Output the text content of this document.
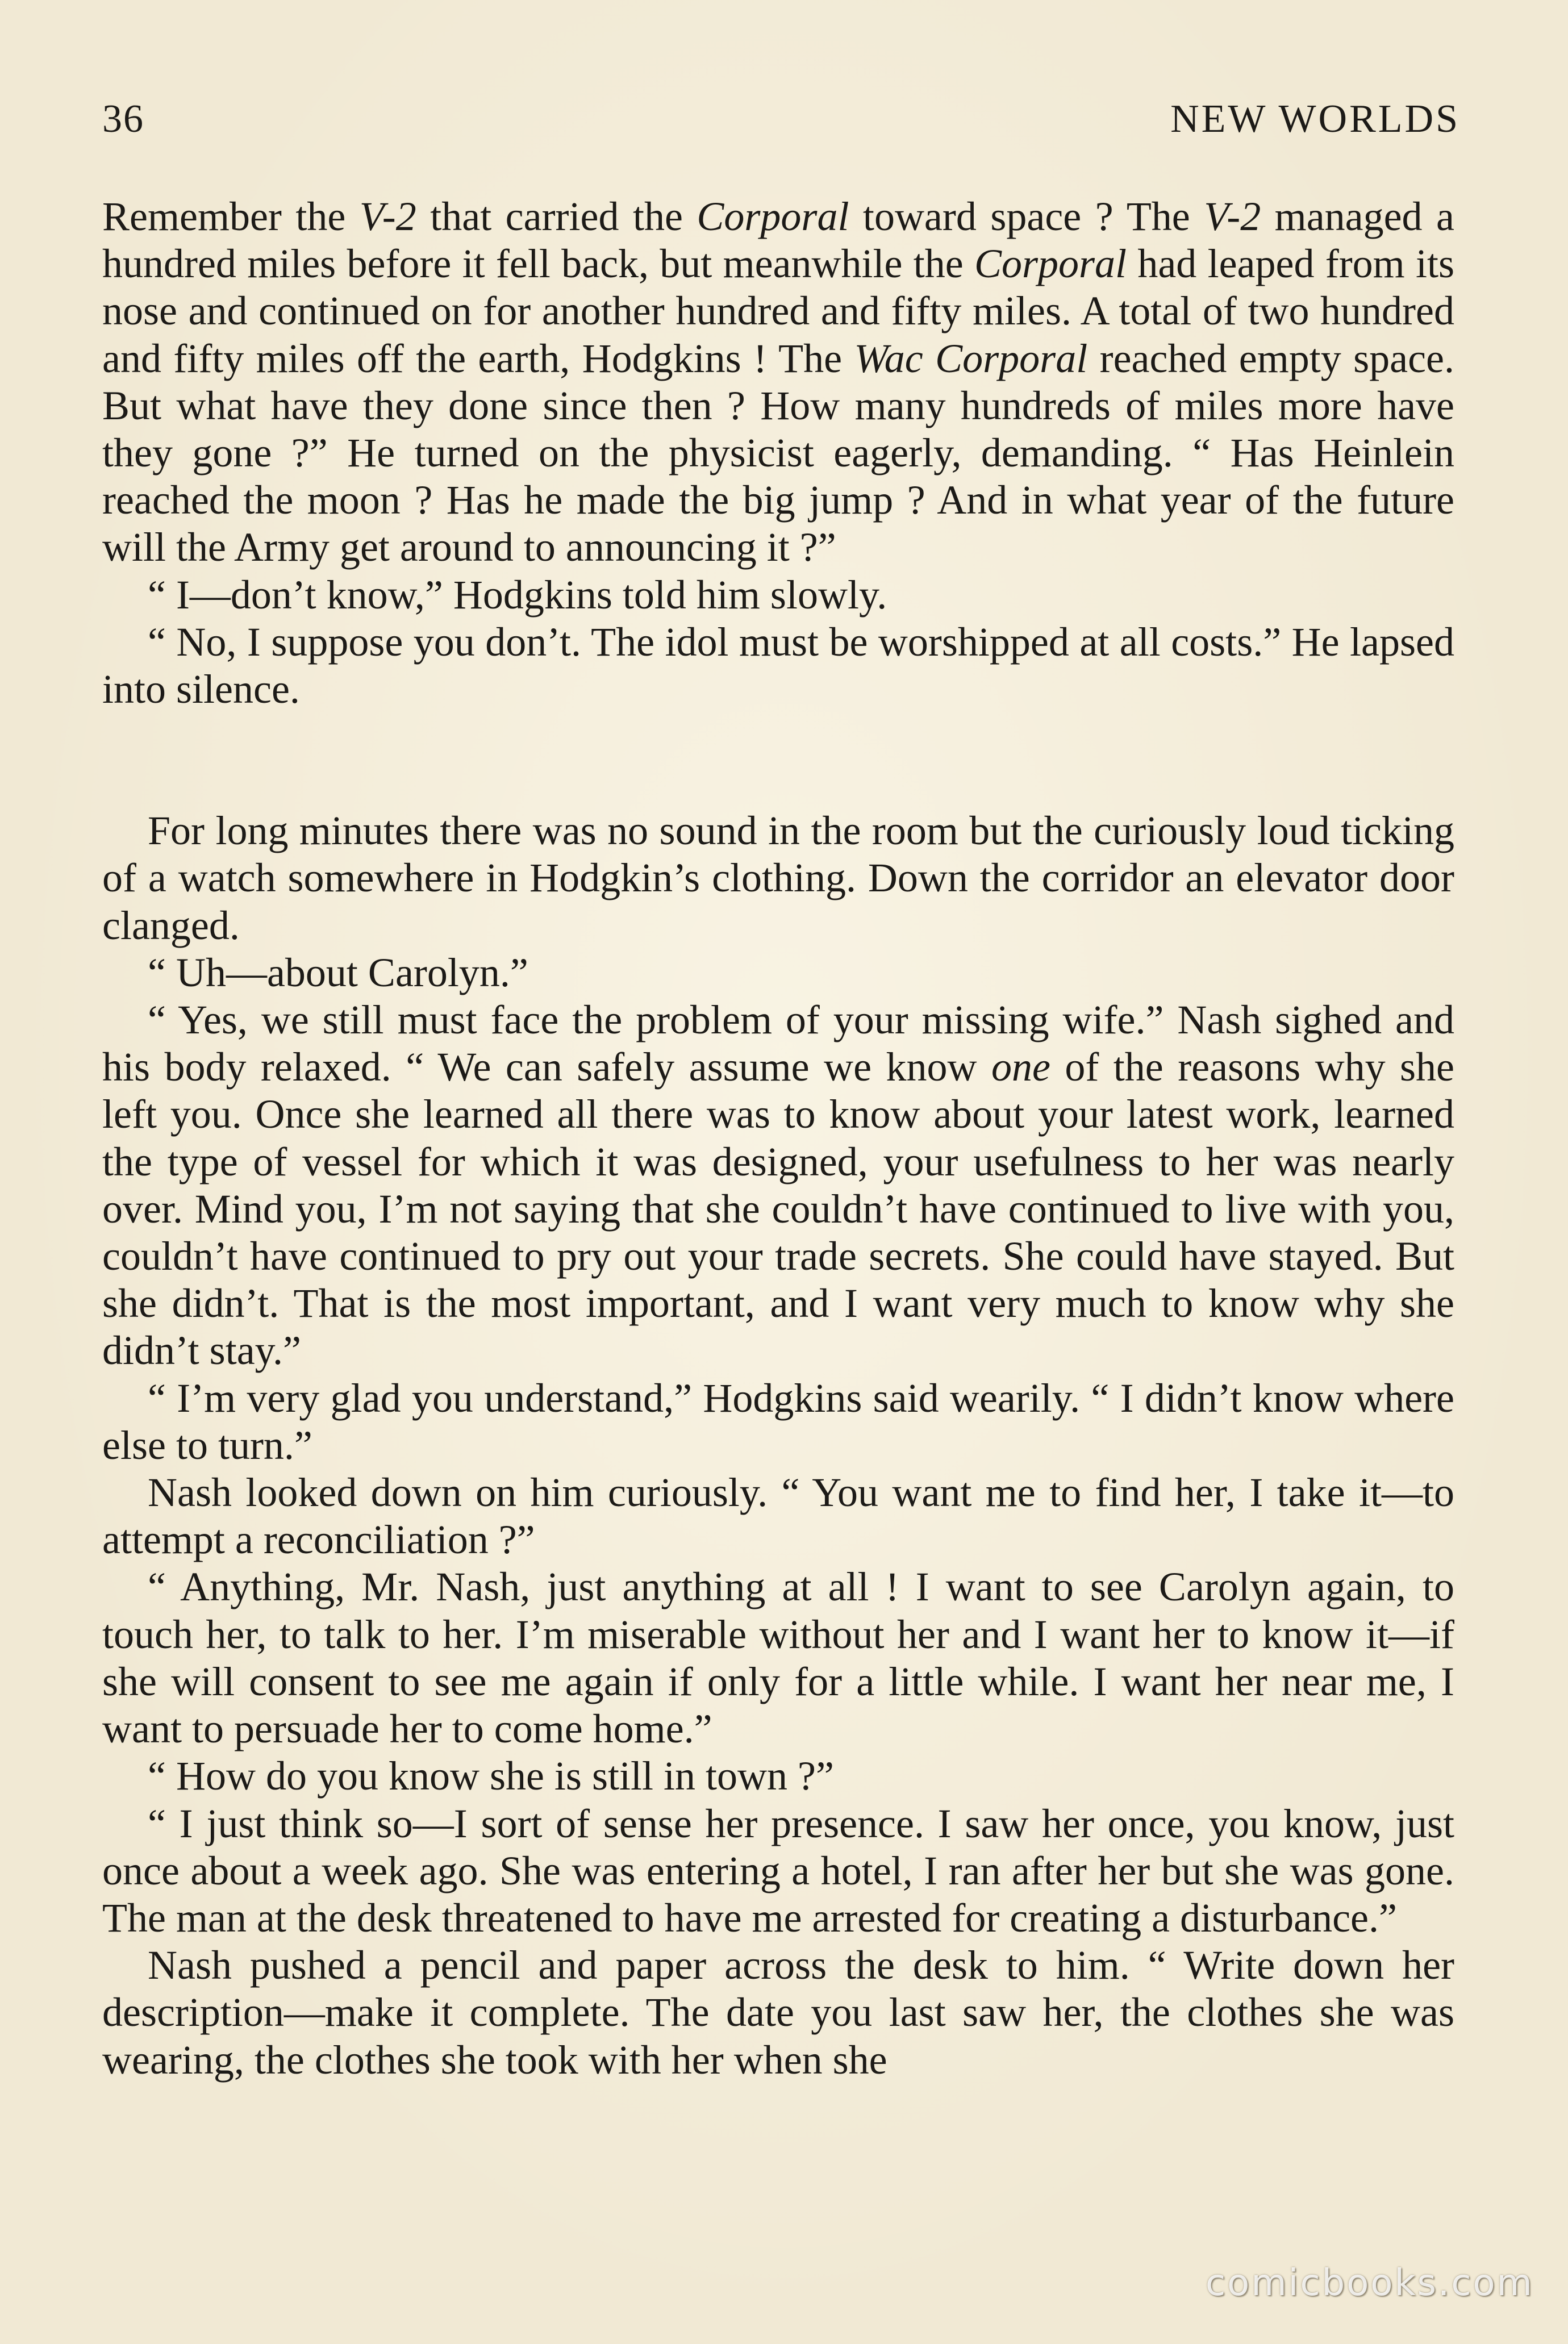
36	NEW WORLDS

Remember the V-2 that carried the Corporal toward space ? The V-2 managed a hundred miles before it fell back, but meanwhile the Corporal had leaped from its nose and continued on for another hundred and fifty miles. A total of two hundred and fifty miles off the earth, Hodgkins ! The Wac Corporal reached empty space. But what have they done since then ? How many hundreds of miles more have they gone ?” He turned on the physicist eagerly, demanding. “ Has Heinlein reached the moon ? Has he made the big jump ? And in what year of the future will the Army get around to announcing it ?”

“ I—don’t know,” Hodgkins told him slowly.

“ No, I suppose you don’t. The idol must be worshipped at all costs.” He lapsed into silence.

For long minutes there was no sound in the room but the curiously loud ticking of a watch somewhere in Hodgkin’s clothing. Down the corridor an elevator door clanged.

“ Uh—about Carolyn.”

“ Yes, we still must face the problem of your missing wife.” Nash sighed and his body relaxed. “ We can safely assume we know one of the reasons why she left you. Once she learned all there was to know about your latest work, learned the type of vessel for which it was designed, your usefulness to her was nearly over. Mind you, I’m not saying that she couldn’t have continued to live with you, couldn’t have continued to pry out your trade secrets. She could have stayed. But she didn’t. That is the most important, and I want very much to know why she didn’t stay.”

“ I’m very glad you understand,” Hodgkins said wearily. “ I didn’t know where else to turn.”

Nash looked down on him curiously. “ You want me to find her, I take it—to attempt a reconciliation ?”

“ Anything, Mr. Nash, just anything at all ! I want to see Carolyn again, to touch her, to talk to her. I’m miserable without her and I want her to know it—if she will consent to see me again if only for a little while. I want her near me, I want to persuade her to come home.”

“ How do you know she is still in town ?”

“ I just think so—I sort of sense her presence. I saw her once, you know, just once about a week ago. She was entering a hotel, I ran after her but she was gone. The man at the desk threatened to have me arrested for creating a disturbance.”

Nash pushed a pencil and paper across the desk to him. “ Write down her description—make it complete. The date you last saw her, the clothes she was wearing, the clothes she took with her when she

comicbooks.com
